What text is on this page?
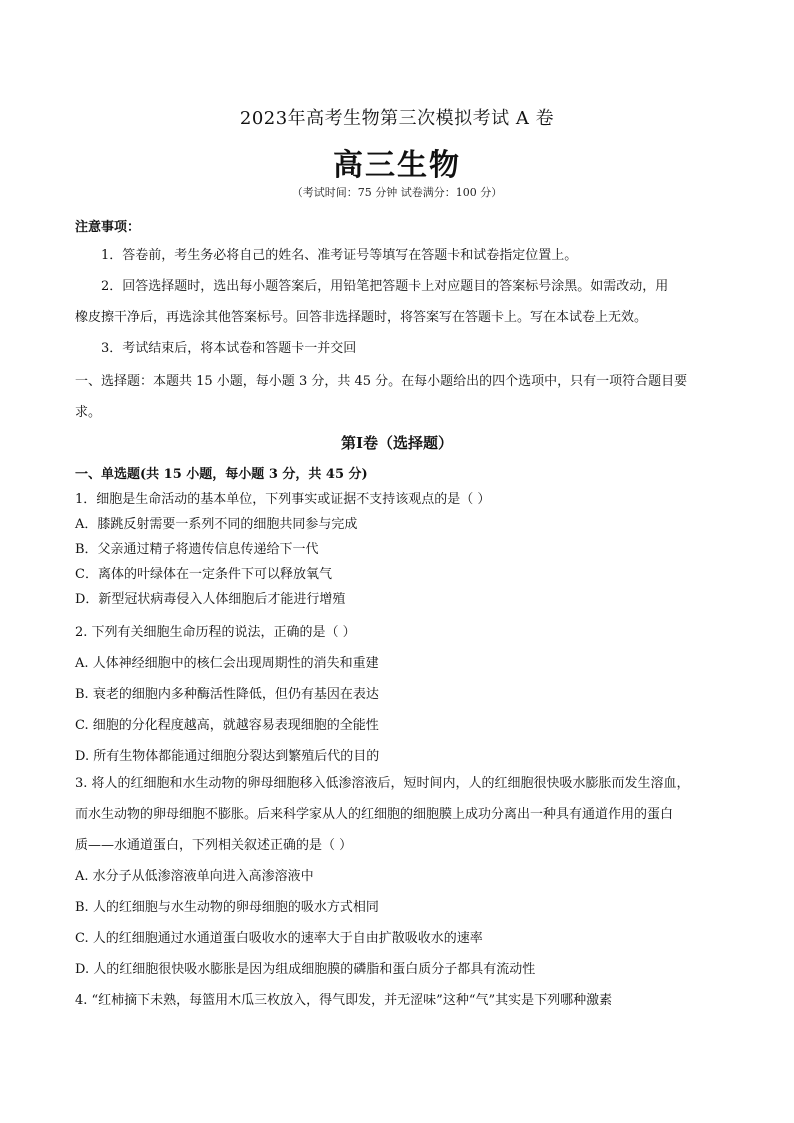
2023年高考生物第三次模拟考试 A 卷
高三生物
（考试时间：75 分钟 试卷满分：100 分）
注意事项：
1．答卷前，考生务必将自己的姓名、准考证号等填写在答题卡和试卷指定位置上。
2．回答选择题时，选出每小题答案后，用铅笔把答题卡上对应题目的答案标号涂黑。如需改动，用
橡皮擦干净后，再选涂其他答案标号。回答非选择题时，将答案写在答题卡上。写在本试卷上无效。
3．考试结束后，将本试卷和答题卡一并交回
一、选择题：本题共 15 小题，每小题 3 分，共 45 分。在每小题给出的四个选项中，只有一项符合题目要
求。
第Ⅰ卷（选择题）
一、单选题(共 15 小题，每小题 3 分，共 45 分)
1．细胞是生命活动的基本单位，下列事实或证据不支持该观点的是（ ）
A．膝跳反射需要一系列不同的细胞共同参与完成
B．父亲通过精子将遗传信息传递给下一代
C．离体的叶绿体在一定条件下可以释放氧气
D．新型冠状病毒侵入人体细胞后才能进行增殖
2. 下列有关细胞生命历程的说法，正确的是（ ）
A. 人体神经细胞中的核仁会出现周期性的消失和重建
B. 衰老的细胞内多种酶活性降低，但仍有基因在表达
C. 细胞的分化程度越高，就越容易表现细胞的全能性
D. 所有生物体都能通过细胞分裂达到繁殖后代的目的
3. 将人的红细胞和水生动物的卵母细胞移入低渗溶液后，短时间内，人的红细胞很快吸水膨胀而发生溶血，
而水生动物的卵母细胞不膨胀。后来科学家从人的红细胞的细胞膜上成功分离出一种具有通道作用的蛋白
质——水通道蛋白，下列相关叙述正确的是（ ）
A. 水分子从低渗溶液单向进入高渗溶液中
B. 人的红细胞与水生动物的卵母细胞的吸水方式相同
C. 人的红细胞通过水通道蛋白吸收水的速率大于自由扩散吸收水的速率
D. 人的红细胞很快吸水膨胀是因为组成细胞膜的磷脂和蛋白质分子都具有流动性
4. “红柿摘下未熟，每篮用木瓜三枚放入，得气即发，并无涩味”这种“气”其实是下列哪种激素
